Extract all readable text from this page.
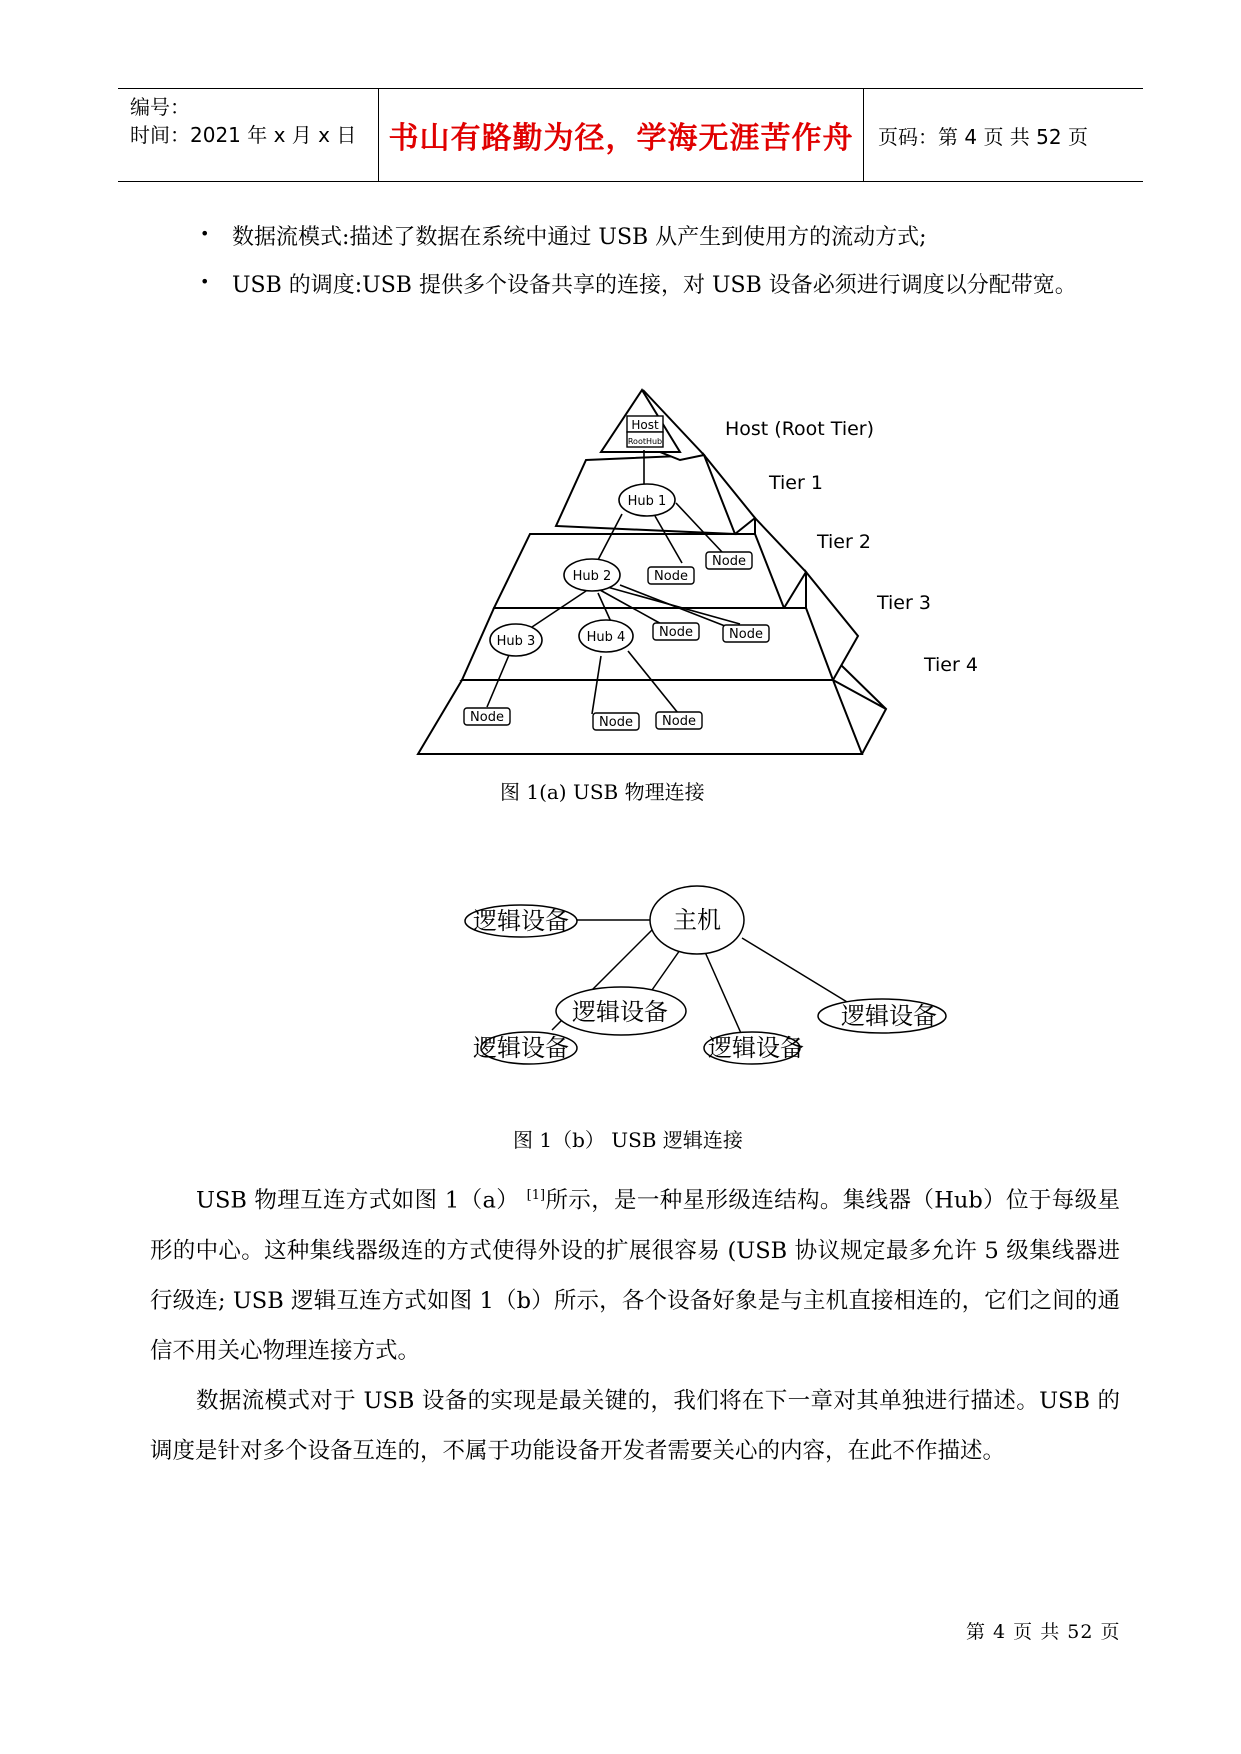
编号：
时间：2021 年 x 月 x 日 书山有路勤为径，学海无涯苦作舟	页码：第 4 页 共 52 页
• 数据流模式:描述了数据在系统中通过 USB 从产生到使用方的流动方式;
• USB 的调度:USB 提供多个设备共享的连接，对 USB 设备必须进行调度以分配带宽。
Host
RootHub
Hub 1
Hub 2
Hub 3	Hub 4
Node
Node
Node	Node
Node	Node Node
Host (Root Tier)
Tier 1
Tier 2
Tier 3
Tier 4
图 1(a) USB 物理连接
主机
逻辑设备
逻辑设备
逻辑设备	逻辑设备
逻辑设备
图 1（b） USB 逻辑连接

USB 物理互连方式如图 1（a） [1]所示，是一种星形级连结构。集线器（Hub）位于每级星形的中心。这种集线器级连的方式使得外设的扩展很容易 (USB 协议规定最多允许 5 级集线器进行级连; USB 逻辑互连方式如图 1（b）所示，各个设备好象是与主机直接相连的，它们之间的通信不用关心物理连接方式。

数据流模式对于 USB 设备的实现是最关键的，我们将在下一章对其单独进行描述。USB 的调度是针对多个设备互连的，不属于功能设备开发者需要关心的内容，在此不作描述。

第 4 页 共 52 页
